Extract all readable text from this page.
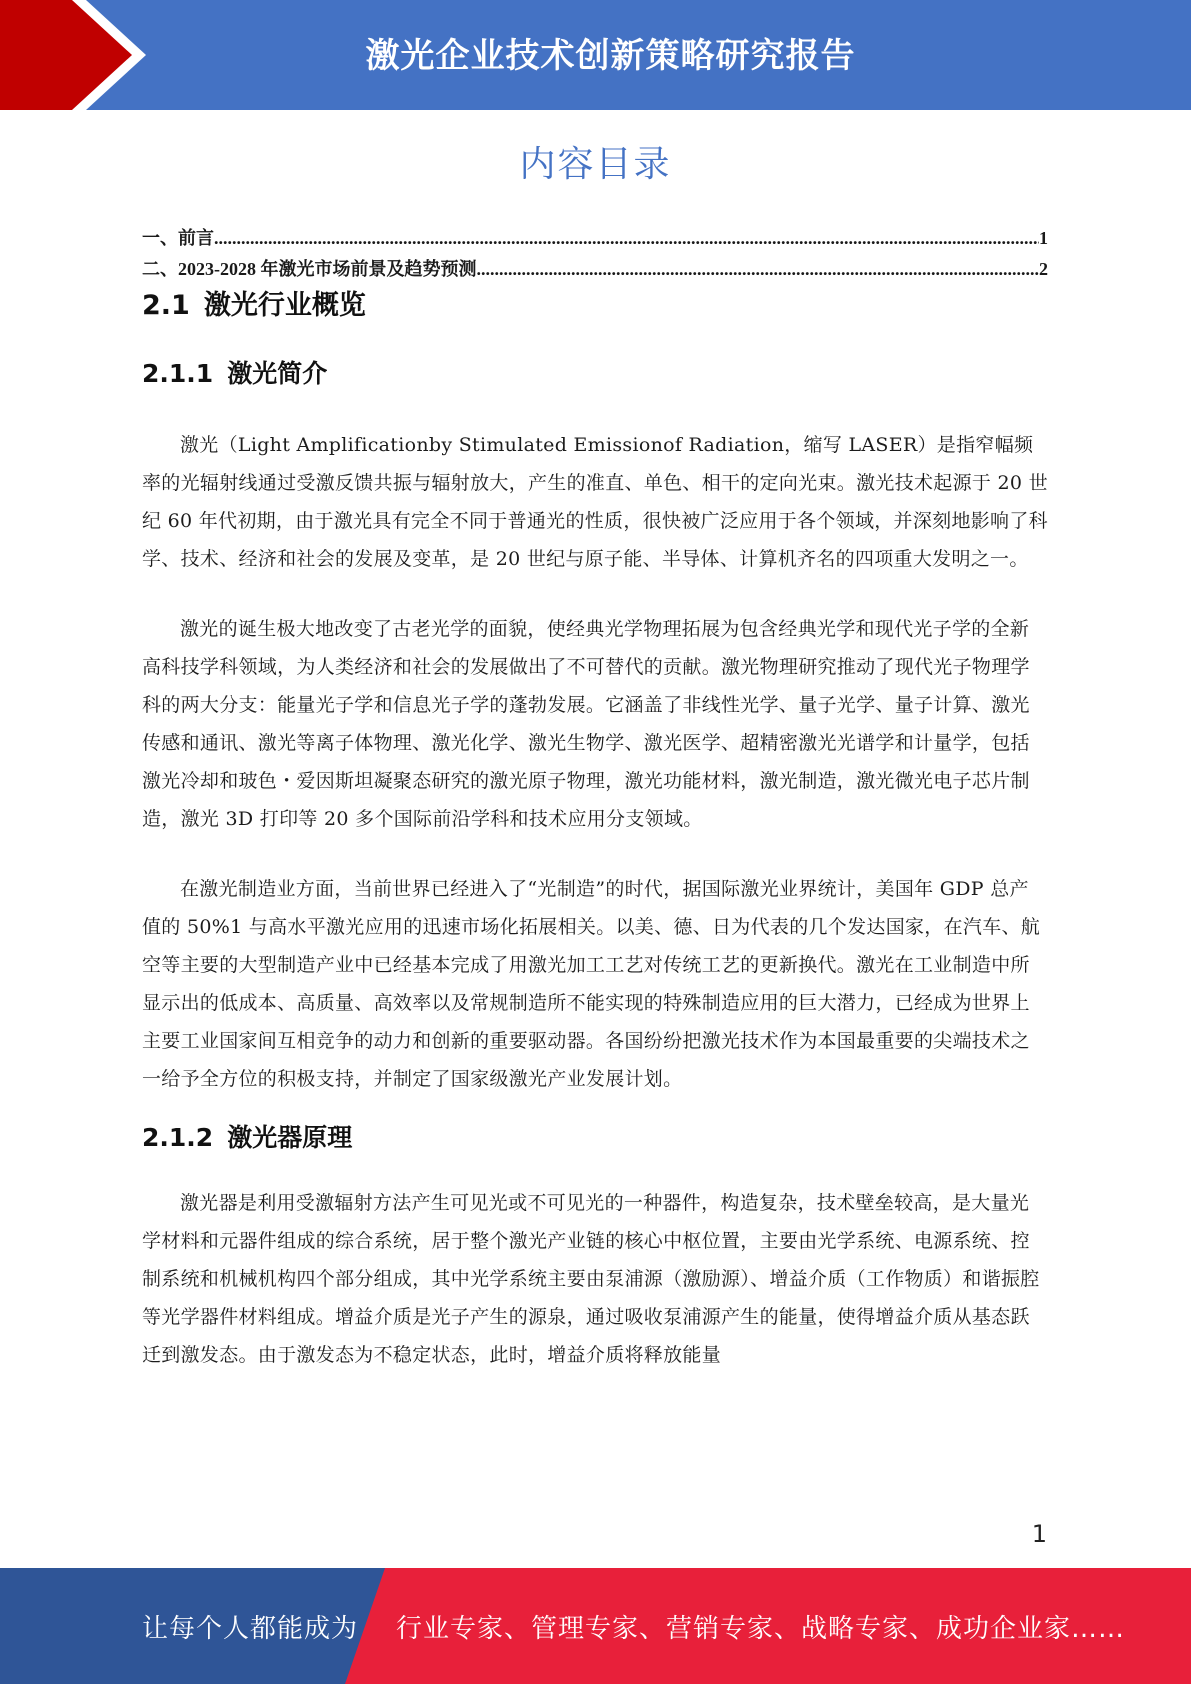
激光企业技术创新策略研究报告
内容目录
一、前言 .....	1
二、2023-2028 年激光市场前景及趋势预测 .....	2
2.1 激光行业概览
2.1.1 激光简介

激光（Light Amplificationby Stimulated Emissionof Radiation，缩写 LASER）是指窄幅频率的光辐射线通过受激反馈共振与辐射放大，产生的准直、单色、相干的定向光束。激光技术起源于 20 世纪 60 年代初期，由于激光具有完全不同于普通光的性质，很快被广泛应用于各个领域，并深刻地影响了科学、技术、经济和社会的发展及变革，是 20 世纪与原子能、半导体、计算机齐名的四项重大发明之一。

激光的诞生极大地改变了古老光学的面貌，使经典光学物理拓展为包含经典光学和现代光子学的全新高科技学科领域，为人类经济和社会的发展做出了不可替代的贡献。激光物理研究推动了现代光子物理学科的两大分支：能量光子学和信息光子学的蓬勃发展。它涵盖了非线性光学、量子光学、量子计算、激光传感和通讯、激光等离子体物理、激光化学、激光生物学、激光医学、超精密激光光谱学和计量学，包括激光冷却和玻色・爱因斯坦凝聚态研究的激光原子物理，激光功能材料，激光制造，激光微光电子芯片制造，激光 3D 打印等 20 多个国际前沿学科和技术应用分支领域。

在激光制造业方面，当前世界已经进入了“光制造”的时代，据国际激光业界统计，美国年 GDP 总产值的 50%1 与高水平激光应用的迅速市场化拓展相关。以美、德、日为代表的几个发达国家，在汽车、航空等主要的大型制造产业中已经基本完成了用激光加工工艺对传统工艺的更新换代。激光在工业制造中所显示出的低成本、高质量、高效率以及常规制造所不能实现的特殊制造应用的巨大潜力，已经成为世界上主要工业国家间互相竞争的动力和创新的重要驱动器。各国纷纷把激光技术作为本国最重要的尖端技术之一给予全方位的积极支持，并制定了国家级激光产业发展计划。

2.1.2 激光器原理

激光器是利用受激辐射方法产生可见光或不可见光的一种器件，构造复杂，技术壁垒较高，是大量光学材料和元器件组成的综合系统，居于整个激光产业链的核心中枢位置，主要由光学系统、电源系统、控制系统和机械机构四个部分组成，其中光学系统主要由泵浦源（激励源）、增益介质（工作物质）和谐振腔等光学器件材料组成。增益介质是光子产生的源泉，通过吸收泵浦源产生的能量，使得增益介质从基态跃迁到激发态。由于激发态为不稳定状态，此时，增益介质将释放能量

1
让每个人都能成为 行业专家、管理专家、营销专家、战略专家、成功企业家……
